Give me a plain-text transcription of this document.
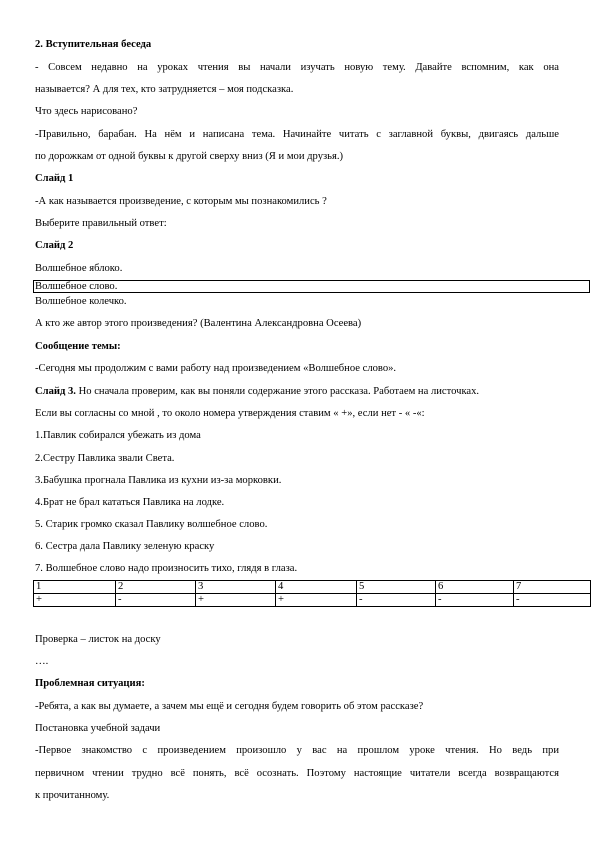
2. Вступительная беседа
- Совсем недавно на уроках чтения вы начали изучать новую тему. Давайте вспомним, как она
называется? А для тех, кто затрудняется – моя подсказка.
Что здесь нарисовано?
-Правильно, барабан. На нём и написана тема. Начинайте читать с заглавной буквы, двигаясь дальше
по дорожкам от одной буквы к другой сверху вниз (Я и мои друзья.)
Слайд 1
-А как называется произведение, с которым мы познакомились ?
Выберите правильный ответ:
Слайд 2
Волшебное яблоко.
Волшебное слово.
Волшебное колечко.
А кто же автор этого произведения? (Валентина Александровна Осеева)
Сообщение темы:
-Сегодня мы продолжим с вами работу над произведением «Волшебное слово».
Слайд 3. Но сначала проверим, как вы поняли содержание этого рассказа. Работаем на листочках.
Если вы согласны со мной , то около номера утверждения ставим « +», если нет - « -«:
1.Павлик собирался убежать из дома
2.Сестру Павлика звали Света.
3.Бабушка прогнала Павлика из кухни из-за морковки.
4.Брат не брал кататься Павлика на лодке.
5. Старик громко сказал Павлику волшебное слово.
6. Сестра дала Павлику зеленую краску
7. Волшебное слово надо произносить тихо, глядя в глаза.
1	2	3	4	5	6	7
+	-	+	+	-	-	-
Проверка – листок на доску
….
Проблемная ситуация:
-Ребята, а как вы думаете, а зачем мы ещё и сегодня будем говорить об этом рассказе?
Постановка учебной задачи
-Первое знакомство с произведением произошло у вас на прошлом уроке чтения. Но ведь при
первичном чтении трудно всё понять, всё осознать. Поэтому настоящие читатели всегда возвращаются
к прочитанному.
